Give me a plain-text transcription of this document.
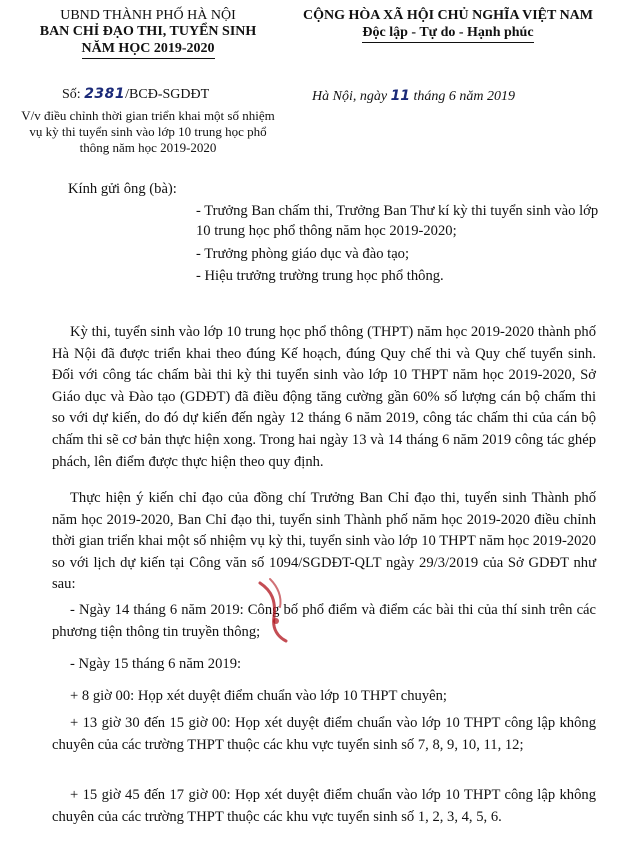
UBND THÀNH PHỐ HÀ NỘI
BAN CHỈ ĐẠO THI, TUYỂN SINH
NĂM HỌC 2019-2020
CỘNG HÒA XÃ HỘI CHỦ NGHĨA VIỆT NAM
Độc lập - Tự do - Hạnh phúc
Số: 2381/BCĐ-SGDĐT	Hà Nội, ngày 11 tháng 6 năm 2019
V/v điều chỉnh thời gian triển khai một số nhiệm vụ kỳ thi tuyển sinh vào lớp 10 trung học phổ thông năm học 2019-2020
Kính gửi ông (bà):
- Trưởng Ban chấm thi, Trưởng Ban Thư kí kỳ thi tuyển sinh vào lớp 10 trung học phổ thông năm học 2019-2020;
- Trưởng phòng giáo dục và đào tạo;
- Hiệu trưởng trường trung học phổ thông.
Kỳ thi, tuyển sinh vào lớp 10 trung học phổ thông (THPT) năm học 2019-2020 thành phố Hà Nội đã được triển khai theo đúng Kế hoạch, đúng Quy chế thi và Quy chế tuyển sinh. Đối với công tác chấm bài thi kỳ thi tuyển sinh vào lớp 10 THPT năm học 2019-2020, Sở Giáo dục và Đào tạo (GDĐT) đã điều động tăng cường gần 60% số lượng cán bộ chấm thi so với dự kiến, do đó dự kiến đến ngày 12 tháng 6 năm 2019, công tác chấm thi của cán bộ chấm thi sẽ cơ bản thực hiện xong. Trong hai ngày 13 và 14 tháng 6 năm 2019 công tác ghép phách, lên điểm được thực hiện theo quy định.
Thực hiện ý kiến chỉ đạo của đồng chí Trưởng Ban Chỉ đạo thi, tuyển sinh Thành phố năm học 2019-2020, Ban Chỉ đạo thi, tuyển sinh Thành phố năm học 2019-2020 điều chỉnh thời gian triển khai một số nhiệm vụ kỳ thi, tuyển sinh vào lớp 10 THPT năm học 2019-2020 so với lịch dự kiến tại Công văn số 1094/SGDĐT-QLT ngày 29/3/2019 của Sở GDĐT như sau:
- Ngày 14 tháng 6 năm 2019: Công bố phổ điểm và điểm các bài thi của thí sinh trên các phương tiện thông tin truyền thông;
- Ngày 15 tháng 6 năm 2019:
+ 8 giờ 00: Họp xét duyệt điểm chuẩn vào lớp 10 THPT chuyên;
+ 13 giờ 30 đến 15 giờ 00: Họp xét duyệt điểm chuẩn vào lớp 10 THPT công lập không chuyên của các trường THPT thuộc các khu vực tuyển sinh số 7, 8, 9, 10, 11, 12;
+ 15 giờ 45 đến 17 giờ 00: Họp xét duyệt điểm chuẩn vào lớp 10 THPT công lập không chuyên của các trường THPT thuộc các khu vực tuyển sinh số 1, 2, 3, 4, 5, 6.
